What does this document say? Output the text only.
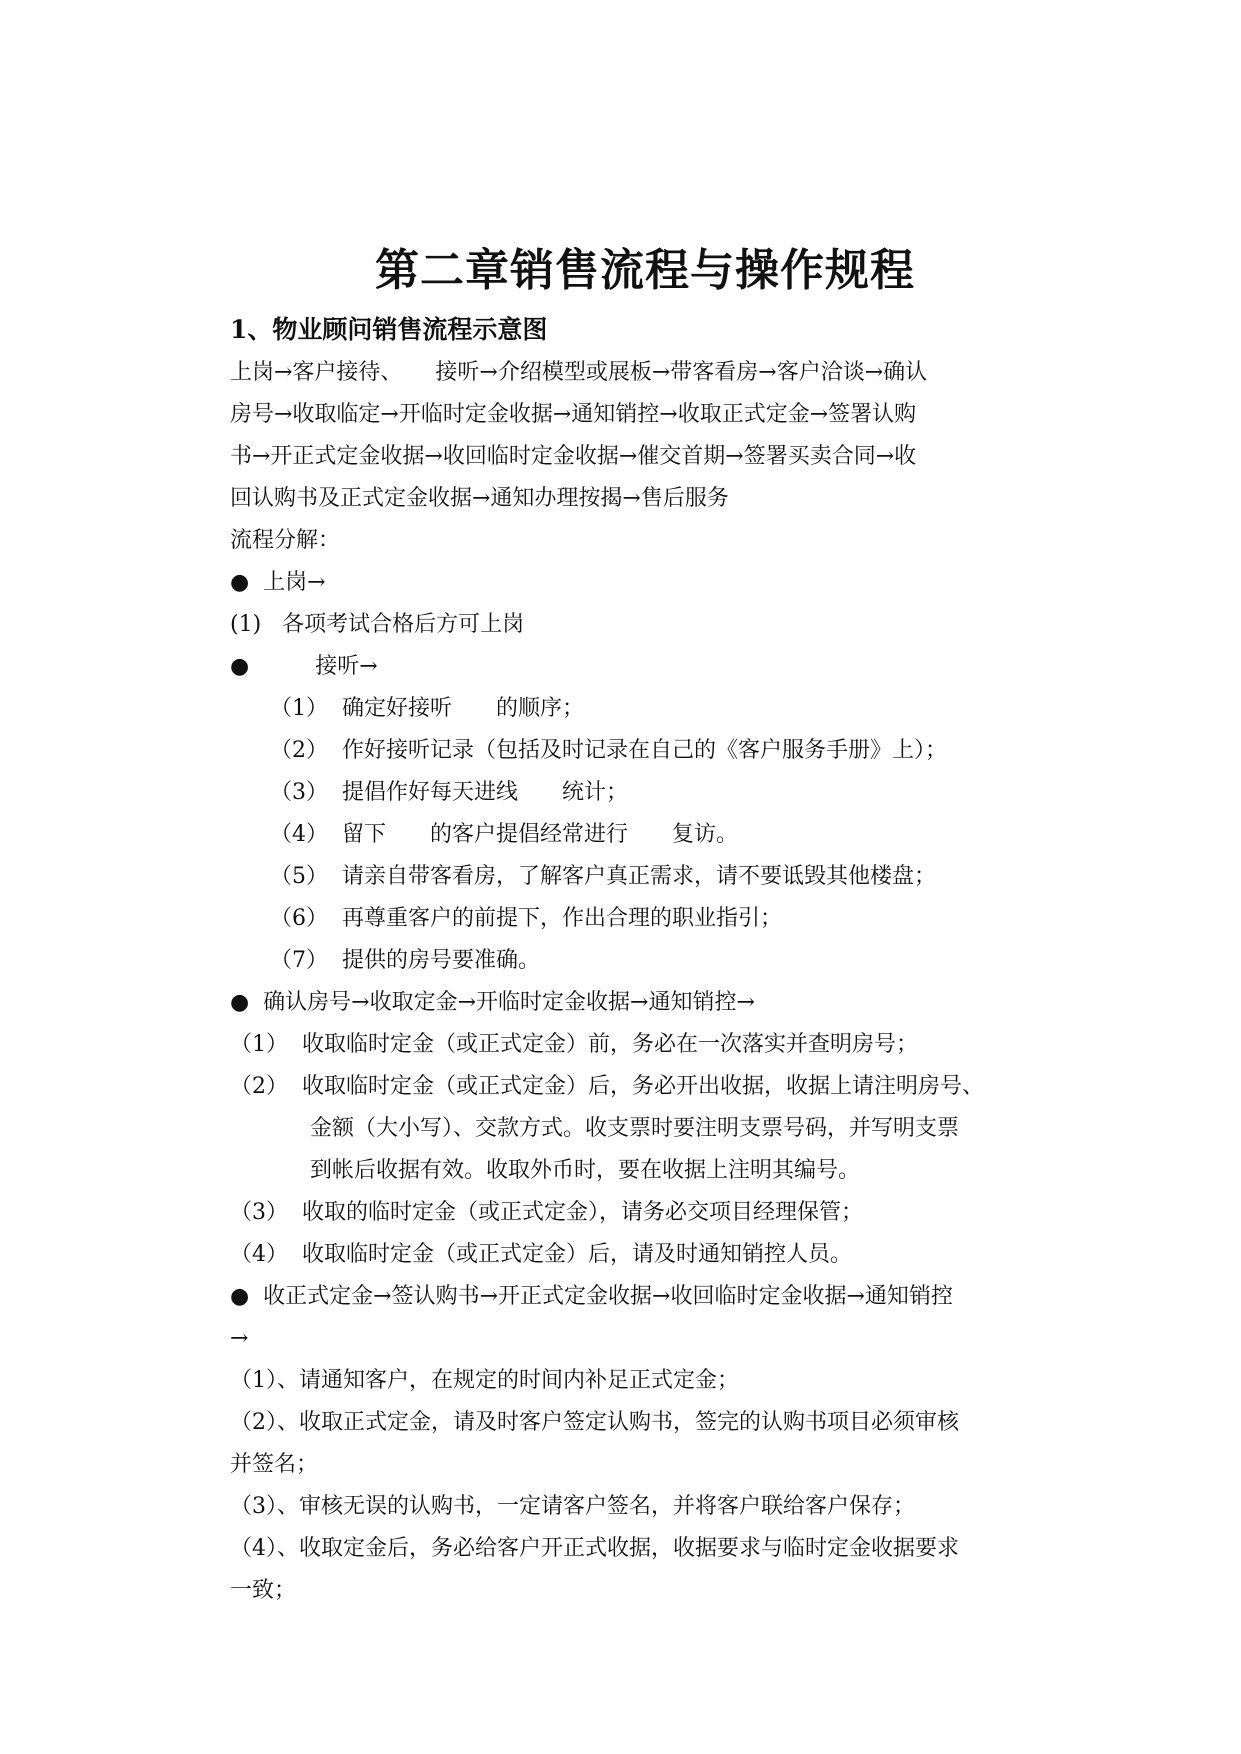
第二章销售流程与操作规程
1、物业顾问销售流程示意图
上岗→客户接待、　　接听→介绍模型或展板→带客看房→客户洽谈→确认
房号→收取临定→开临时定金收据→通知销控→收取正式定金→签署认购
书→开正式定金收据→收回临时定金收据→催交首期→签署买卖合同→收
回认购书及正式定金收据→通知办理按揭→售后服务
流程分解：
●  上岗→
(1)   各项考试合格后方可上岗
●　　　接听→
（1）  确定好接听　　的顺序；
（2）  作好接听记录（包括及时记录在自己的《客户服务手册》上）；
（3）  提倡作好每天进线　　统计；
（4）  留下　　的客户提倡经常进行　　复访。
（5）  请亲自带客看房，了解客户真正需求，请不要诋毁其他楼盘；
（6）  再尊重客户的前提下，作出合理的职业指引；
（7）  提供的房号要准确。
●  确认房号→收取定金→开临时定金收据→通知销控→
（1）  收取临时定金（或正式定金）前，务必在一次落实并查明房号；
（2）  收取临时定金（或正式定金）后，务必开出收据，收据上请注明房号、
金额（大小写）、交款方式。收支票时要注明支票号码，并写明支票
到帐后收据有效。收取外币时，要在收据上注明其编号。
（3）  收取的临时定金（或正式定金），请务必交项目经理保管；
（4）  收取临时定金（或正式定金）后，请及时通知销控人员。
●  收正式定金→签认购书→开正式定金收据→收回临时定金收据→通知销控
→
（1）、请通知客户，在规定的时间内补足正式定金；
（2）、收取正式定金，请及时客户签定认购书，签完的认购书项目必须审核
并签名；
（3）、审核无误的认购书，一定请客户签名，并将客户联给客户保存；
（4）、收取定金后，务必给客户开正式收据，收据要求与临时定金收据要求
一致；
